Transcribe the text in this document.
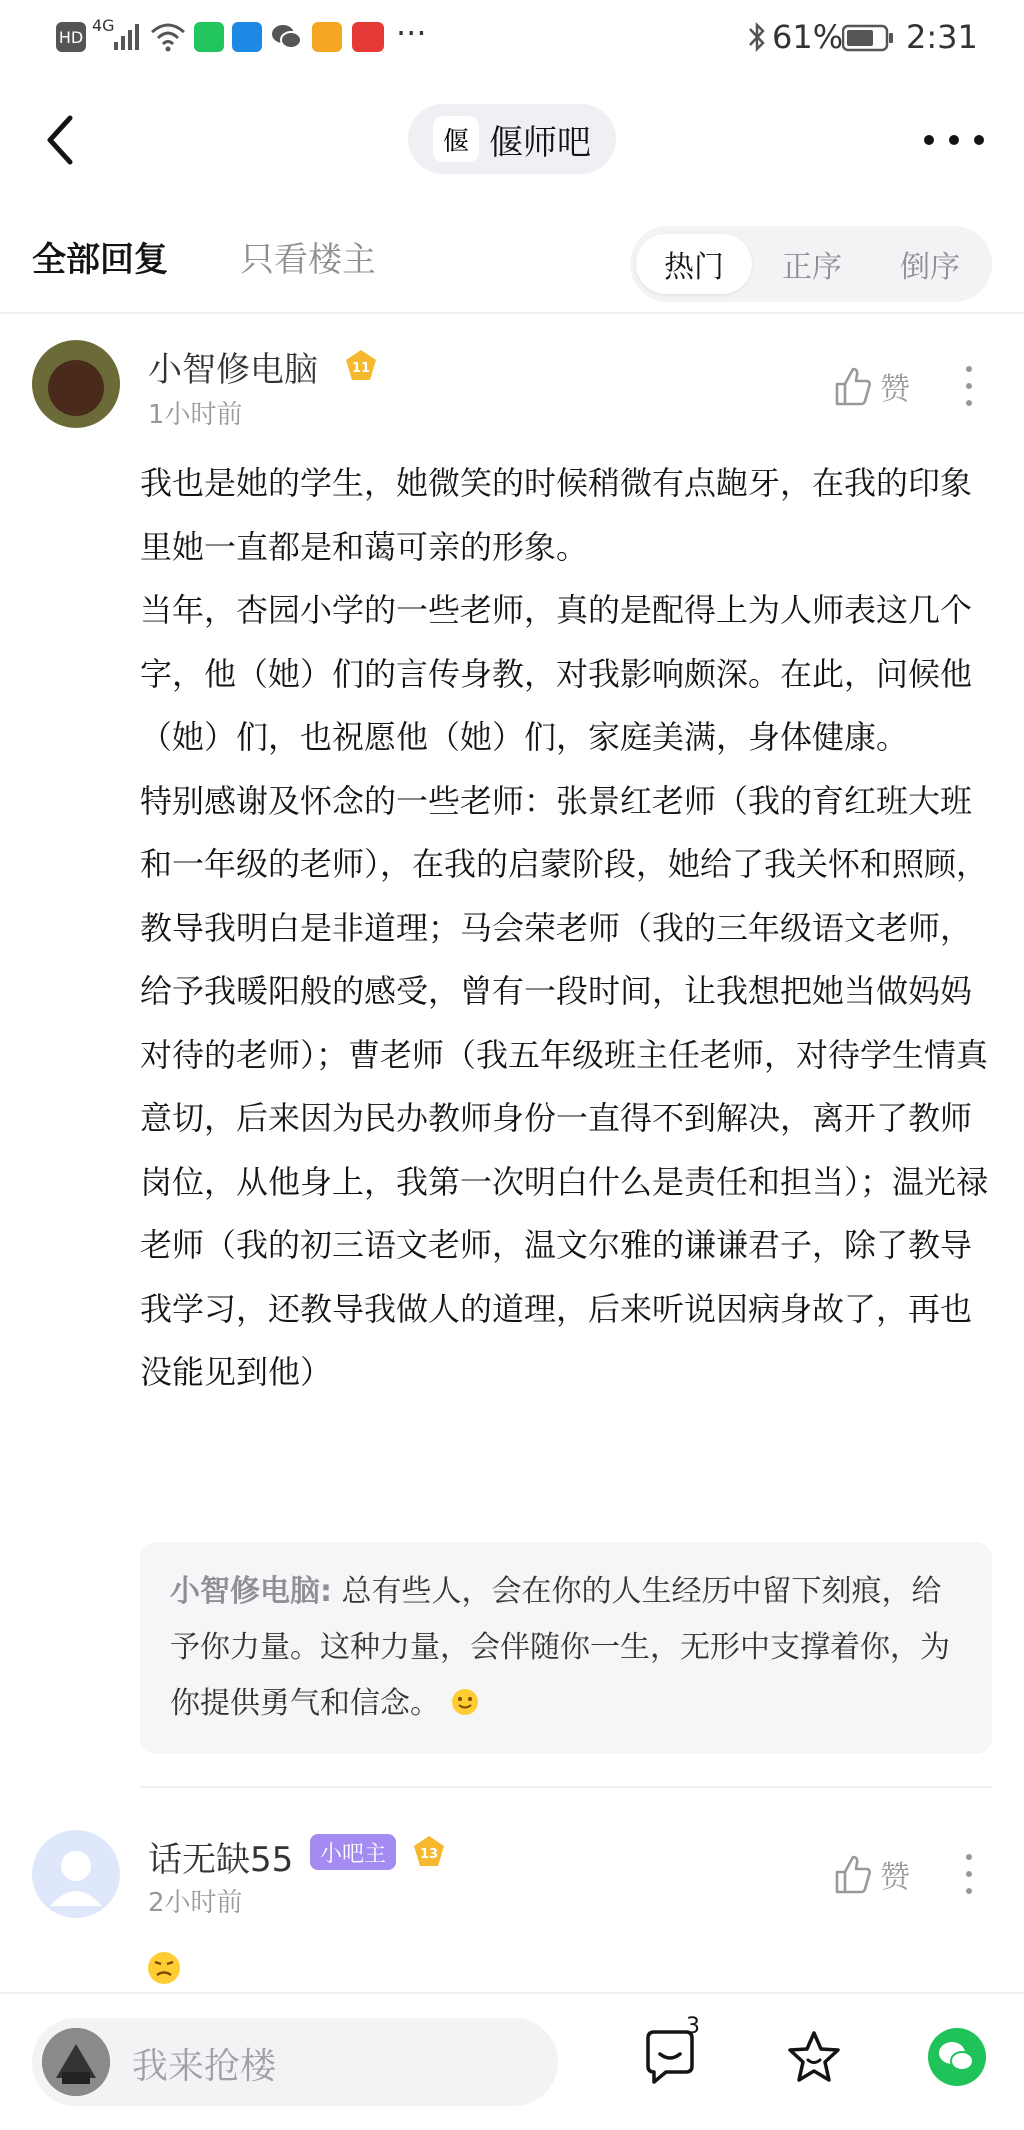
HD
4G	···	61% 2:31
偃 偃师吧
全部回复 只看楼主	热门	正序	倒序
小智修电脑	11
1小时前
赞

我也是她的学生，她微笑的时候稍微有点龅牙，在我的印象里她一直都是和蔼可亲的形象。

当年，杏园小学的一些老师，真的是配得上为人师表这几个字，他（她）们的言传身教，对我影响颇深。在此，问候他（她）们，也祝愿他（她）们，家庭美满，身体健康。

特别感谢及怀念的一些老师：张景红老师（我的育红班大班和一年级的老师），在我的启蒙阶段，她给了我关怀和照顾，教导我明白是非道理；马会荣老师（我的三年级语文老师，给予我暖阳般的感受，曾有一段时间，让我想把她当做妈妈对待的老师）；曹老师（我五年级班主任老师，对待学生情真意切，后来因为民办教师身份一直得不到解决，离开了教师岗位，从他身上，我第一次明白什么是责任和担当）；温光禄老师（我的初三语文老师，温文尔雅的谦谦君子，除了教导我学习，还教导我做人的道理，后来听说因病身故了，再也没能见到他）

小智修电脑: 总有些人，会在你的人生经历中留下刻痕，给予你力量。这种力量，会伴随你一生，无形中支撑着你，为你提供勇气和信念。
话无缺55	小吧主	13
2小时前
赞
我来抢楼
3
